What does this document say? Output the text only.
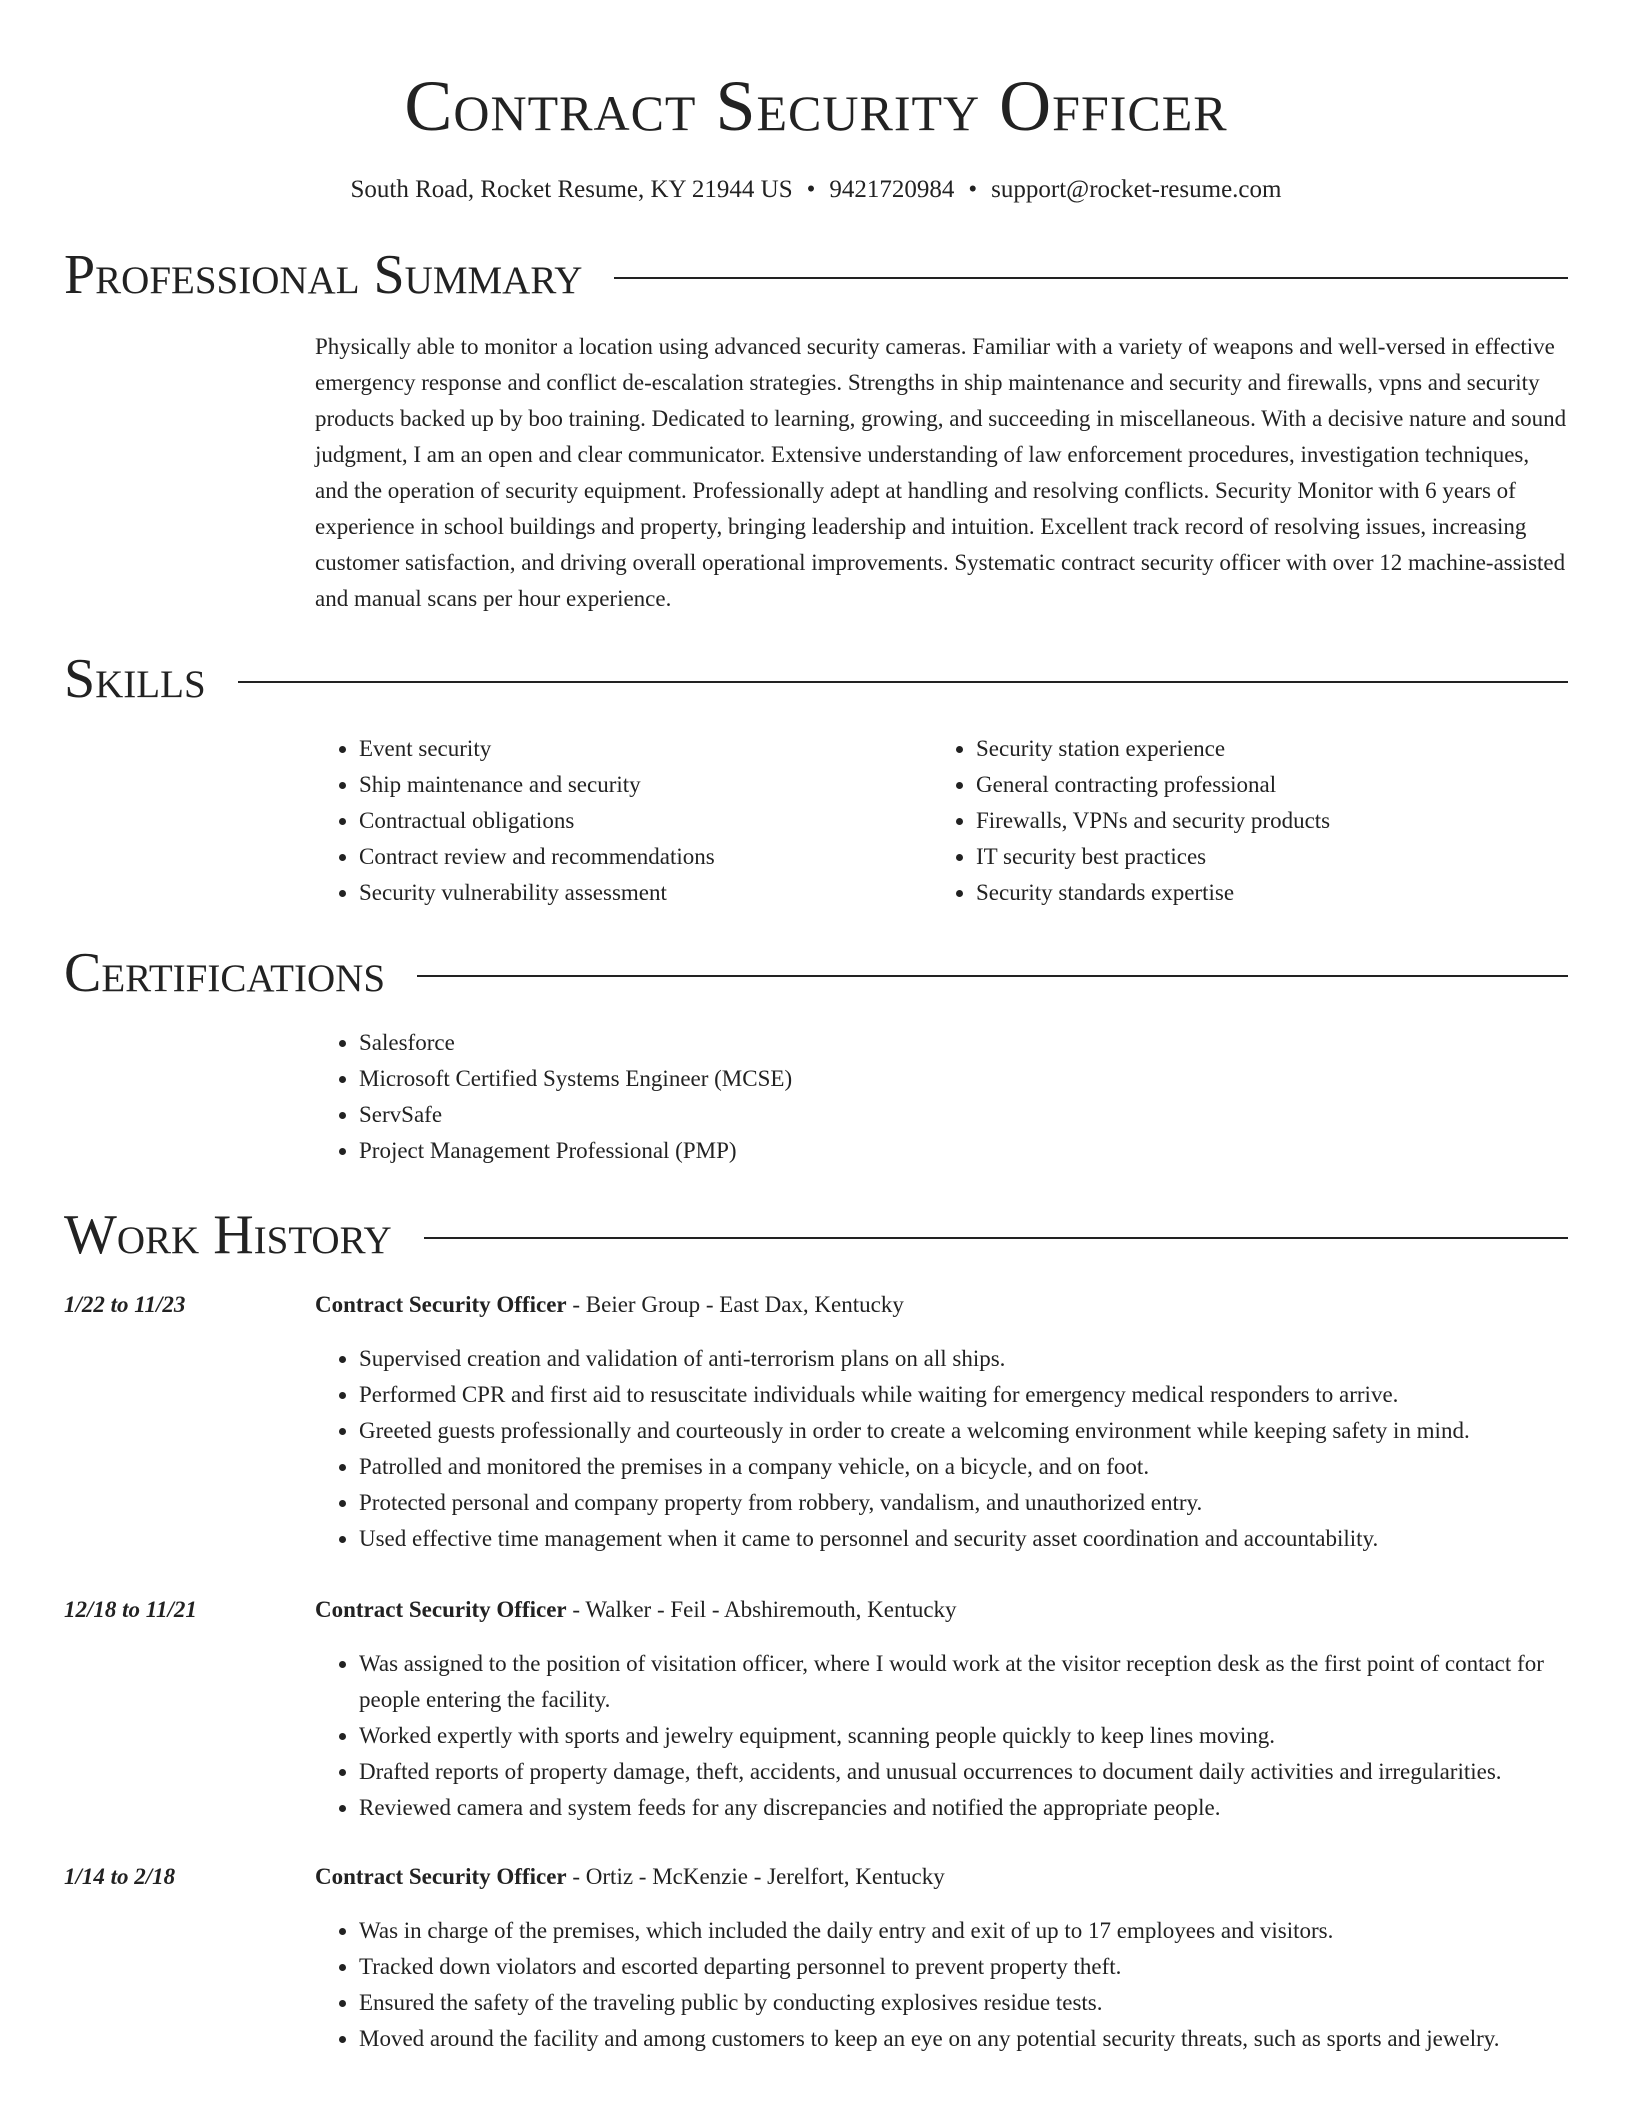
Contract Security Officer
South Road, Rocket Resume, KY 21944 US • 9421720984 • support@rocket-resume.com
Professional Summary
Physically able to monitor a location using advanced security cameras. Familiar with a variety of weapons and well-versed in effective emergency response and conflict de-escalation strategies. Strengths in ship maintenance and security and firewalls, vpns and security products backed up by boo training. Dedicated to learning, growing, and succeeding in miscellaneous. With a decisive nature and sound judgment, I am an open and clear communicator. Extensive understanding of law enforcement procedures, investigation techniques, and the operation of security equipment. Professionally adept at handling and resolving conflicts. Security Monitor with 6 years of experience in school buildings and property, bringing leadership and intuition. Excellent track record of resolving issues, increasing customer satisfaction, and driving overall operational improvements. Systematic contract security officer with over 12 machine-assisted and manual scans per hour experience.
Skills
• Event security
• Ship maintenance and security
• Contractual obligations
• Contract review and recommendations
• Security vulnerability assessment
• Security station experience
• General contracting professional
• Firewalls, VPNs and security products
• IT security best practices
• Security standards expertise
Certifications
• Salesforce
• Microsoft Certified Systems Engineer (MCSE)
• ServSafe
• Project Management Professional (PMP)
Work History
1/22 to 11/23	Contract Security Officer - Beier Group - East Dax, Kentucky
• Supervised creation and validation of anti-terrorism plans on all ships.
• Performed CPR and first aid to resuscitate individuals while waiting for emergency medical responders to arrive.
• Greeted guests professionally and courteously in order to create a welcoming environment while keeping safety in mind.
• Patrolled and monitored the premises in a company vehicle, on a bicycle, and on foot.
• Protected personal and company property from robbery, vandalism, and unauthorized entry.
• Used effective time management when it came to personnel and security asset coordination and accountability.
12/18 to 11/21	Contract Security Officer - Walker - Feil - Abshiremouth, Kentucky
• Was assigned to the position of visitation officer, where I would work at the visitor reception desk as the first point of contact for people entering the facility.
• Worked expertly with sports and jewelry equipment, scanning people quickly to keep lines moving.
• Drafted reports of property damage, theft, accidents, and unusual occurrences to document daily activities and irregularities.
• Reviewed camera and system feeds for any discrepancies and notified the appropriate people.
1/14 to 2/18	Contract Security Officer - Ortiz - McKenzie - Jerelfort, Kentucky
• Was in charge of the premises, which included the daily entry and exit of up to 17 employees and visitors.
• Tracked down violators and escorted departing personnel to prevent property theft.
• Ensured the safety of the traveling public by conducting explosives residue tests.
• Moved around the facility and among customers to keep an eye on any potential security threats, such as sports and jewelry.
